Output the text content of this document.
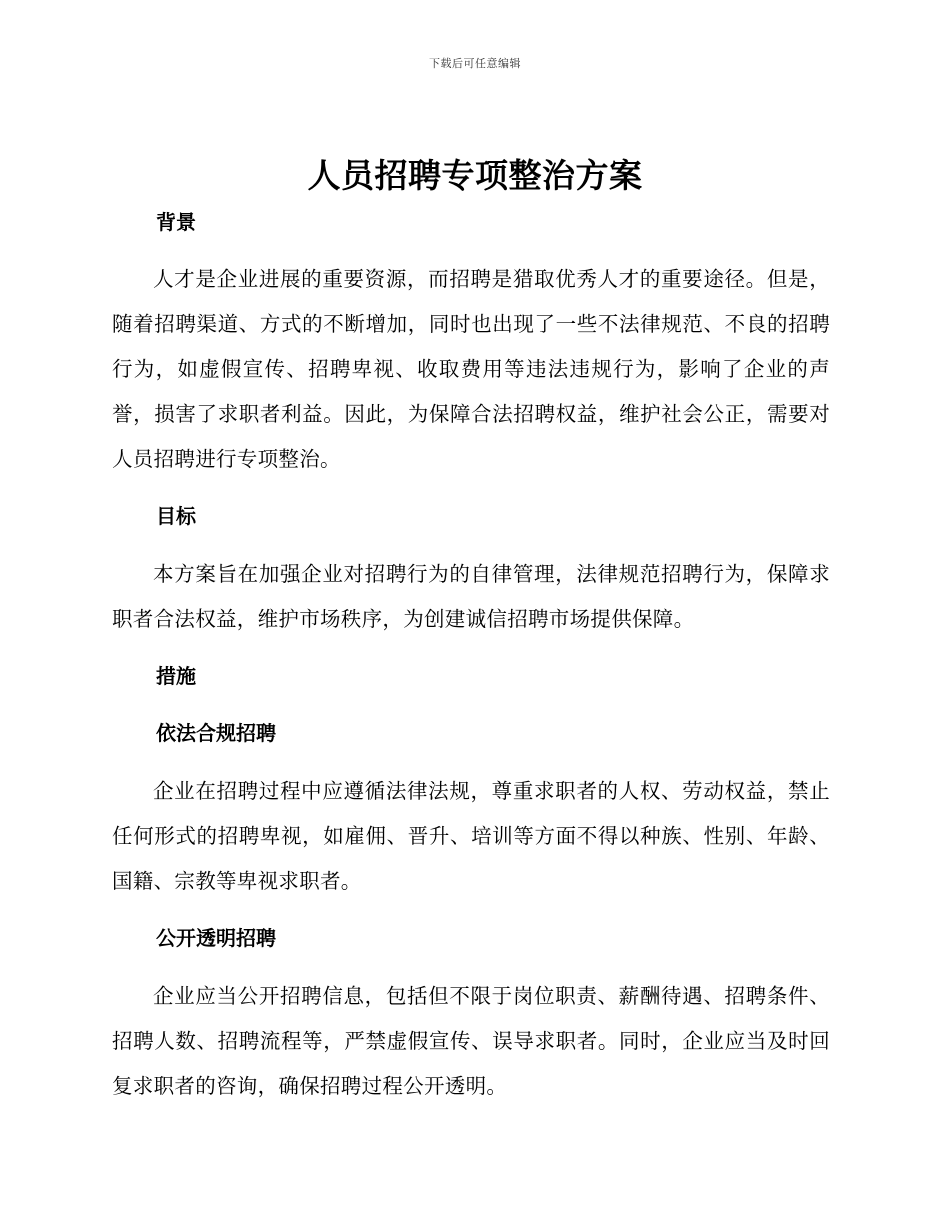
下载后可任意编辑
人员招聘专项整治方案
背景

人才是企业进展的重要资源，而招聘是猎取优秀人才的重要途径。但是，随着招聘渠道、方式的不断增加，同时也出现了一些不法律规范、不良的招聘行为，如虚假宣传、招聘卑视、收取费用等违法违规行为，影响了企业的声誉，损害了求职者利益。因此，为保障合法招聘权益，维护社会公正，需要对人员招聘进行专项整治。

目标

本方案旨在加强企业对招聘行为的自律管理，法律规范招聘行为，保障求职者合法权益，维护市场秩序，为创建诚信招聘市场提供保障。

措施
依法合规招聘

企业在招聘过程中应遵循法律法规，尊重求职者的人权、劳动权益，禁止任何形式的招聘卑视，如雇佣、晋升、培训等方面不得以种族、性别、年龄、国籍、宗教等卑视求职者。

公开透明招聘

企业应当公开招聘信息，包括但不限于岗位职责、薪酬待遇、招聘条件、招聘人数、招聘流程等，严禁虚假宣传、误导求职者。同时，企业应当及时回复求职者的咨询，确保招聘过程公开透明。
